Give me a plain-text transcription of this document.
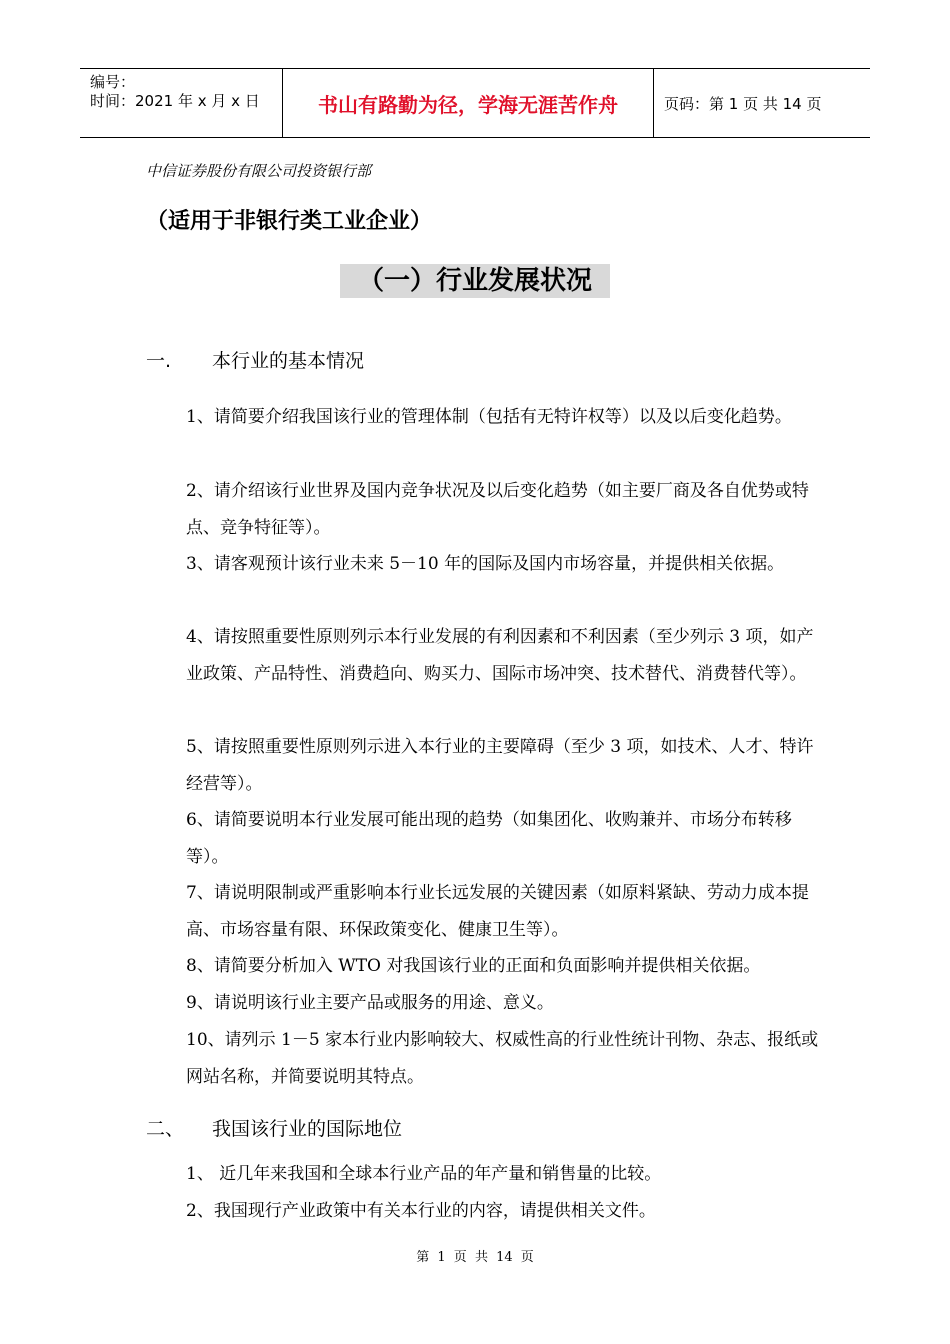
编号：
时间：2021 年 x 月 x 日	书山有路勤为径，学海无涯苦作舟	页码：第 1 页 共 14 页
中信证券股份有限公司投资银行部
（适用于非银行类工业企业）
（一）行业发展状况
一.	本行业的基本情况
1、请简要介绍我国该行业的管理体制（包括有无特许权等）以及以后变化趋势。
2、请介绍该行业世界及国内竞争状况及以后变化趋势（如主要厂商及各自优势或特点、竞争特征等）。
3、请客观预计该行业未来 5－10 年的国际及国内市场容量，并提供相关依据。
4、请按照重要性原则列示本行业发展的有利因素和不利因素（至少列示 3 项，如产业政策、产品特性、消费趋向、购买力、国际市场冲突、技术替代、消费替代等）。
5、请按照重要性原则列示进入本行业的主要障碍（至少 3 项，如技术、人才、特许经营等）。
6、请简要说明本行业发展可能出现的趋势（如集团化、收购兼并、市场分布转移等）。
7、请说明限制或严重影响本行业长远发展的关键因素（如原料紧缺、劳动力成本提高、市场容量有限、环保政策变化、健康卫生等）。
8、请简要分析加入 WTO 对我国该行业的正面和负面影响并提供相关依据。
9、请说明该行业主要产品或服务的用途、意义。
10、请列示 1－5 家本行业内影响较大、权威性高的行业性统计刊物、杂志、报纸或网站名称，并简要说明其特点。
二、	我国该行业的国际地位
1、 近几年来我国和全球本行业产品的年产量和销售量的比较。
2、我国现行产业政策中有关本行业的内容，请提供相关文件。
第 1 页 共 14 页
